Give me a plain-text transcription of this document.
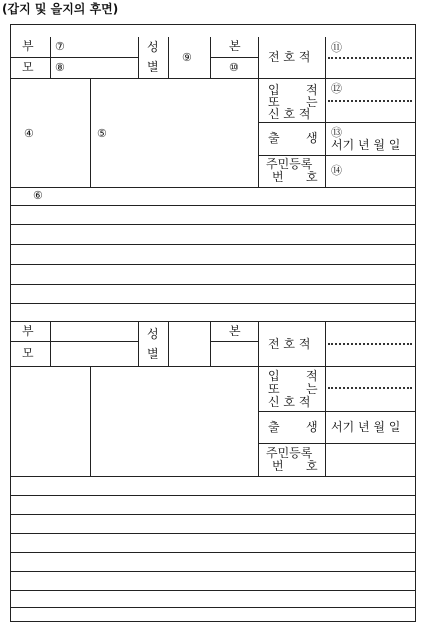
(갑지 및 을지의 후면)
부 ⑦
모 ⑧
성
별
⑨
본
⑩
전 호 적
⑪
입 적
또 는
신 호 적
⑫
④	⑤	출 생 ⑬
서기 년 월 일
주민등록
번 호 ⑭
⑥
부
모
성
별
본
전 호 적
입 적
또 는
신 호 적
출 생 서기 년 월 일
주민등록
번 호
